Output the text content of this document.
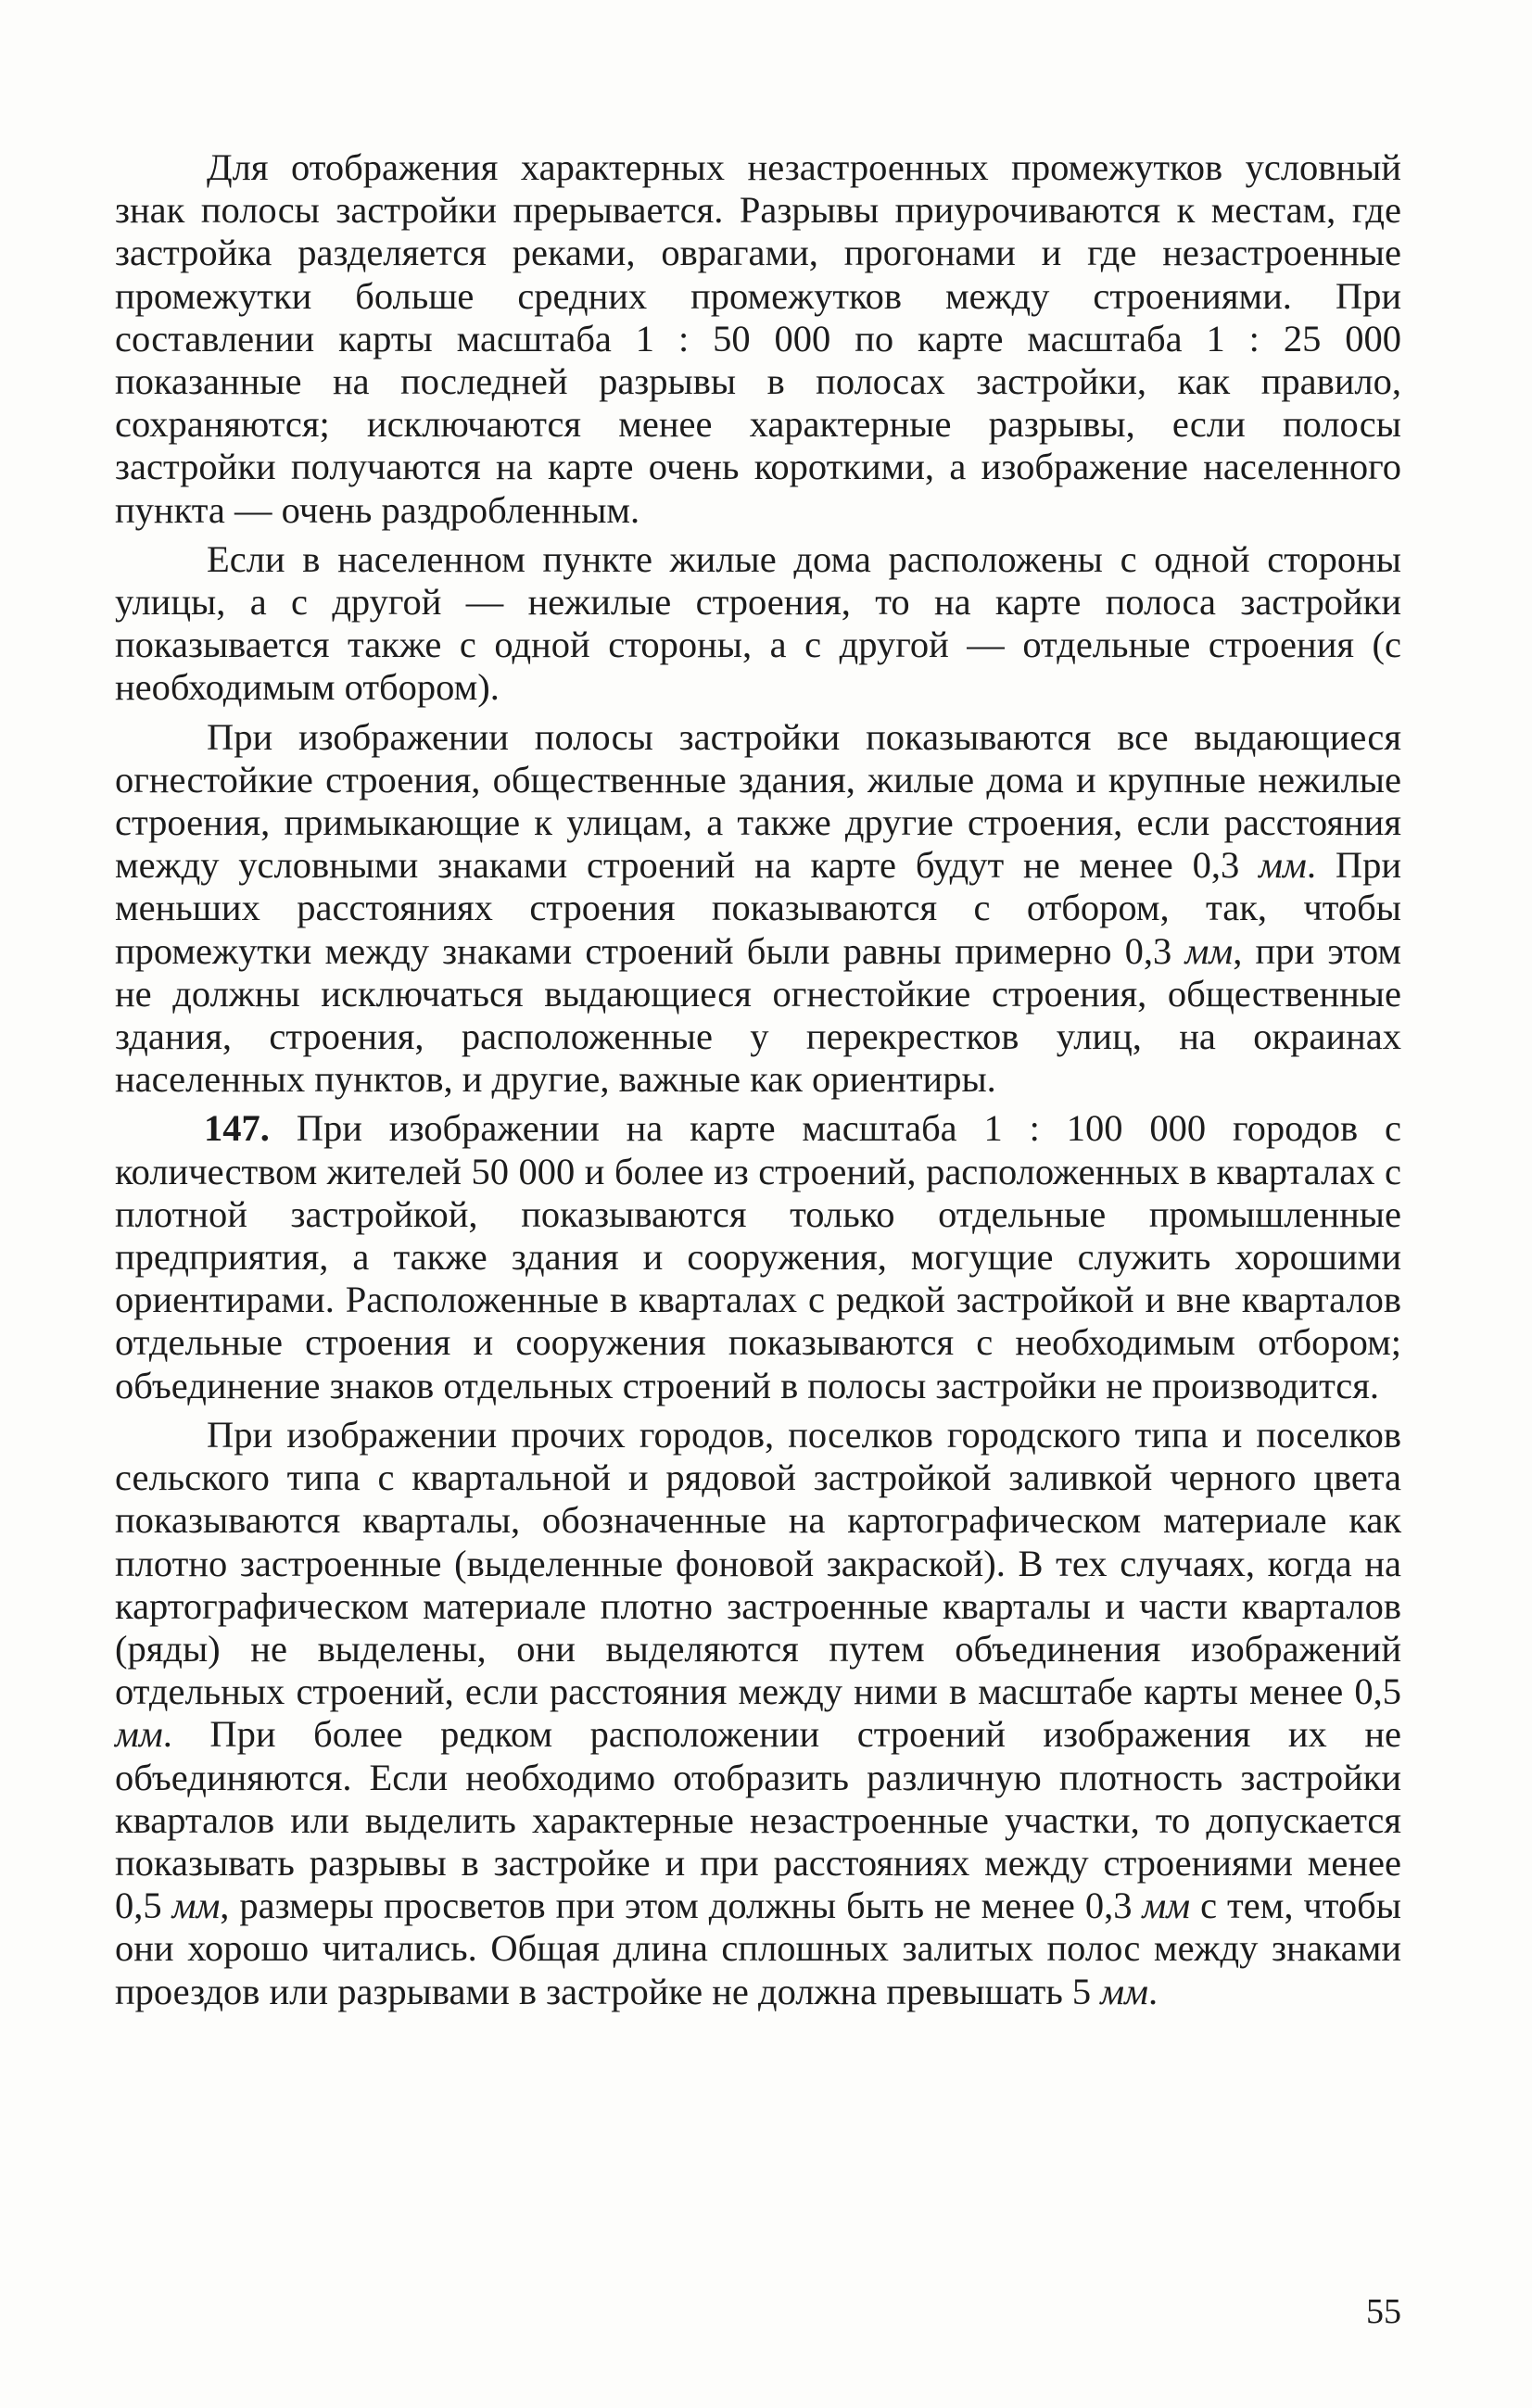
Для отображения характерных незастроенных промежутков условный знак полосы застройки прерывается. Разрывы приурочиваются к местам, где застройка разделяется реками, оврагами, прогонами и где незастроенные промежутки больше средних промежутков между строениями. При составлении карты масштаба 1 : 50 000 по карте масштаба 1 : 25 000 показанные на последней разрывы в полосах застройки, как правило, сохраняются; исключаются менее характерные разрывы, если полосы застройки получаются на карте очень короткими, а изображение населенного пункта — очень раздробленным.

Если в населенном пункте жилые дома расположены с одной стороны улицы, а с другой — нежилые строения, то на карте полоса застройки показывается также с одной стороны, а с другой — отдельные строения (с необходимым отбором).

При изображении полосы застройки показываются все выдающиеся огнестойкие строения, общественные здания, жилые дома и крупные нежилые строения, примыкающие к улицам, а также другие строения, если расстояния между условными знаками строений на карте будут не менее 0,3 мм. При меньших расстояниях строения показываются с отбором, так, чтобы промежутки между знаками строений были равны примерно 0,3 мм, при этом не должны исключаться выдающиеся огнестойкие строения, общественные здания, строения, расположенные у перекрестков улиц, на окраинах населенных пунктов, и другие, важные как ориентиры.

147. При изображении на карте масштаба 1 : 100 000 городов с количеством жителей 50 000 и более из строений, расположенных в кварталах с плотной застройкой, показываются только отдельные промышленные предприятия, а также здания и сооружения, могущие служить хорошими ориентирами. Расположенные в кварталах с редкой застройкой и вне кварталов отдельные строения и сооружения показываются с необходимым отбором; объединение знаков отдельных строений в полосы застройки не производится.

При изображении прочих городов, поселков городского типа и поселков сельского типа с квартальной и рядовой застройкой заливкой черного цвета показываются кварталы, обозначенные на картографическом материале как плотно застроенные (выделенные фоновой закраской). В тех случаях, когда на картографическом материале плотно застроенные кварталы и части кварталов (ряды) не выделены, они выделяются путем объединения изображений отдельных строений, если расстояния между ними в масштабе карты менее 0,5 мм. При более редком расположении строений изображения их не объединяются. Если необходимо отобразить различную плотность застройки кварталов или выделить характерные незастроенные участки, то допускается показывать разрывы в застройке и при расстояниях между строениями менее 0,5 мм, размеры просветов при этом должны быть не менее 0,3 мм с тем, чтобы они хорошо читались. Общая длина сплошных залитых полос между знаками проездов или разрывами в застройке не должна превышать 5 мм.

55
